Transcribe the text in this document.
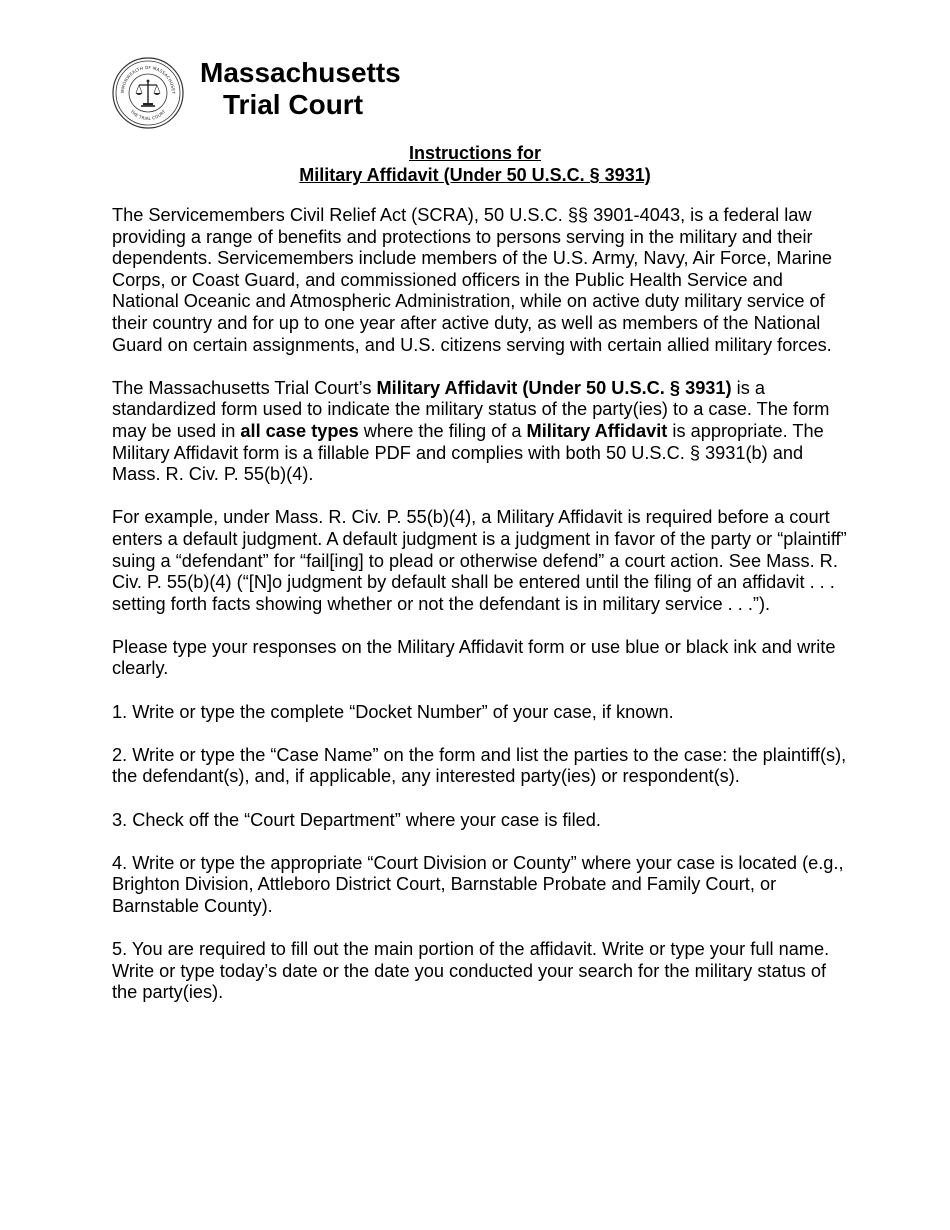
MMONWEALTH OF MASSACHUSET
THE TRIAL COURT
Massachusetts
Trial Court
Instructions for
Military Affidavit (Under 50 U.S.C. § 3931)

The Servicemembers Civil Relief Act (SCRA), 50 U.S.C. §§ 3901-4043, is a federal law providing a range of benefits and protections to persons serving in the military and their dependents. Servicemembers include members of the U.S. Army, Navy, Air Force, Marine Corps, or Coast Guard, and commissioned officers in the Public Health Service and National Oceanic and Atmospheric Administration, while on active duty military service of their country and for up to one year after active duty, as well as members of the National Guard on certain assignments, and U.S. citizens serving with certain allied military forces.

The Massachusetts Trial Court’s Military Affidavit (Under 50 U.S.C. § 3931) is a standardized form used to indicate the military status of the party(ies) to a case. The form may be used in all case types where the filing of a Military Affidavit is appropriate. The Military Affidavit form is a fillable PDF and complies with both 50 U.S.C. § 3931(b) and Mass. R. Civ. P. 55(b)(4).

For example, under Mass. R. Civ. P. 55(b)(4), a Military Affidavit is required before a court enters a default judgment. A default judgment is a judgment in favor of the party or “plaintiff” suing a “defendant” for “fail[ing] to plead or otherwise defend” a court action. See Mass. R. Civ. P. 55(b)(4) (“[N]o judgment by default shall be entered until the filing of an affidavit . . . setting forth facts showing whether or not the defendant is in military service . . .”).

Please type your responses on the Military Affidavit form or use blue or black ink and write clearly.

1. Write or type the complete “Docket Number” of your case, if known.

2. Write or type the “Case Name” on the form and list the parties to the case: the plaintiff(s), the defendant(s), and, if applicable, any interested party(ies) or respondent(s).

3. Check off the “Court Department” where your case is filed.

4. Write or type the appropriate “Court Division or County” where your case is located (e.g., Brighton Division, Attleboro District Court, Barnstable Probate and Family Court, or Barnstable County).

5. You are required to fill out the main portion of the affidavit. Write or type your full name. Write or type today’s date or the date you conducted your search for the military status of the party(ies).
